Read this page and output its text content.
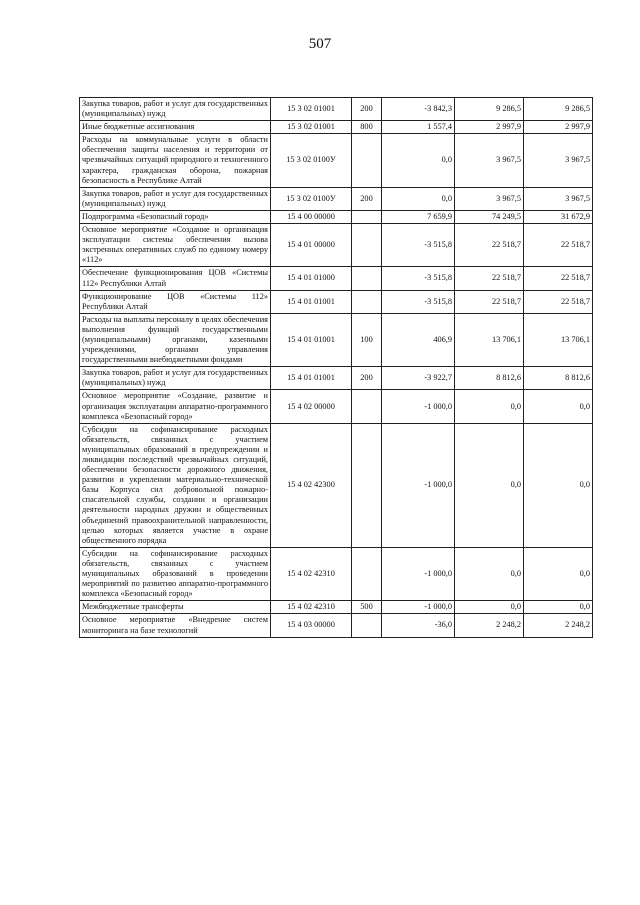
507
Закупка товаров, работ и услуг для государственных (муниципальных) нужд	15 3 02 01001	200	-3 842,3	9 286,5	9 286,5
Иные бюджетные ассигнования	15 3 02 01001	800	1 557,4	2 997,9	2 997,9
Расходы на коммунальные услуги в области обеспечения защиты населения и территории от чрезвычайных ситуаций природного и техногенного характера, гражданская оборона, пожарная безопасность в Республике Алтай	15 3 02 0100У		0,0	3 967,5	3 967,5
Закупка товаров, работ и услуг для государственных (муниципальных) нужд	15 3 02 0100У	200	0,0	3 967,5	3 967,5
Подпрограмма «Безопасный город»	15 4 00 00000		7 659,9	74 249,5	31 672,9
Основное мероприятие «Создание и организация эксплуатации системы обеспечения вызова экстренных оперативных служб по единому номеру «112»	15 4 01 00000		-3 515,8	22 518,7	22 518,7
Обеспечение функционирования ЦОВ «Системы 112» Республики Алтай	15 4 01 01000		-3 515,8	22 518,7	22 518,7
Функционирование ЦОВ «Системы 112» Республики Алтай	15 4 01 01001		-3 515,8	22 518,7	22 518,7
Расходы на выплаты персоналу в целях обеспечения выполнения функций государственными (муниципальными) органами, казенными учреждениями, органами управления государственными внебюджетными фондами	15 4 01 01001	100	406,9	13 706,1	13 706,1
Закупка товаров, работ и услуг для государственных (муниципальных) нужд	15 4 01 01001	200	-3 922,7	8 812,6	8 812,6
Основное мероприятие «Создание, развитие и организация эксплуатации аппаратно-программного комплекса «Безопасный город»	15 4 02 00000		-1 000,0	0,0	0,0
Субсидии на софинансирование расходных обязательств, связанных с участием муниципальных образований в предупреждении и ликвидации последствий чрезвычайных ситуаций, обеспечении безопасности дорожного движения, развитии и укреплении материально-технической базы Корпуса сил добровольной пожарно-спасательной службы, создании и организации деятельности народных дружин и общественных объединений правоохранительной направленности, целью которых является участие в охране общественного порядка	15 4 02 42300		-1 000,0	0,0	0,0
Субсидии на софинансирование расходных обязательств, связанных с участием муниципальных образований в проведении мероприятий по развитию аппаратно-программного комплекса «Безопасный город»	15 4 02 42310		-1 000,0	0,0	0,0
Межбюджетные трансферты	15 4 02 42310	500	-1 000,0	0,0	0,0
Основное мероприятие «Внедрение систем мониторинга на базе технологий	15 4 03 00000		-36,0	2 248,2	2 248,2
